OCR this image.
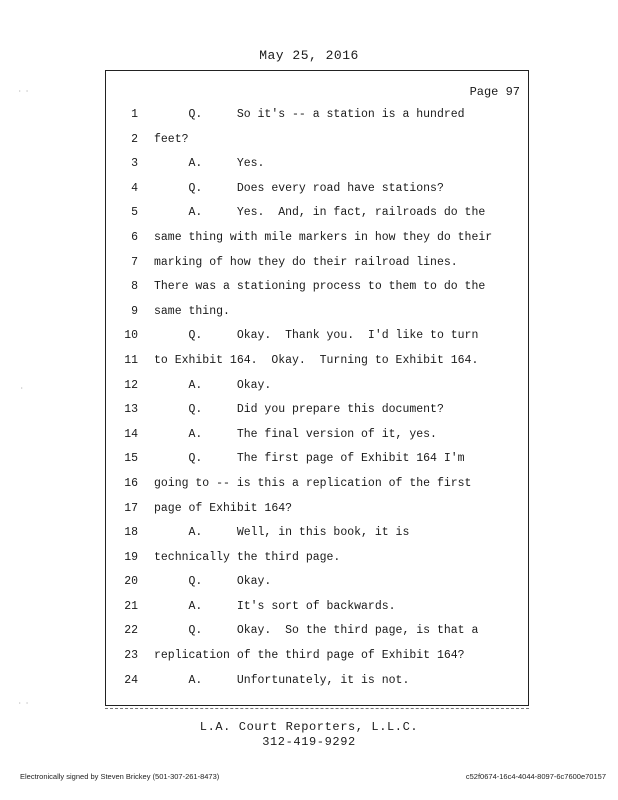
May 25, 2016
· ·
·
· ·
Page 97
1 Q.     So it's -- a station is a hundred
2 feet?
3 A.     Yes.
4 Q.     Does every road have stations?
5 A.     Yes.  And, in fact, railroads do the
6 same thing with mile markers in how they do their
7 marking of how they do their railroad lines.
8 There was a stationing process to them to do the
9 same thing.
10 Q.     Okay.  Thank you.  I'd like to turn
11 to Exhibit 164.  Okay.  Turning to Exhibit 164.
12 A.     Okay.
13 Q.     Did you prepare this document?
14 A.     The final version of it, yes.
15 Q.     The first page of Exhibit 164 I'm
16 going to -- is this a replication of the first
17 page of Exhibit 164?
18 A.     Well, in this book, it is
19 technically the third page.
20 Q.     Okay.
21 A.     It's sort of backwards.
22 Q.     Okay.  So the third page, is that a
23 replication of the third page of Exhibit 164?
24 A.     Unfortunately, it is not.
L.A. Court Reporters, L.L.C.
312-419-9292
Electronically signed by Steven Brickey (501-307-261-8473)	c52f0674-16c4-4044-8097-6c7600e70157
